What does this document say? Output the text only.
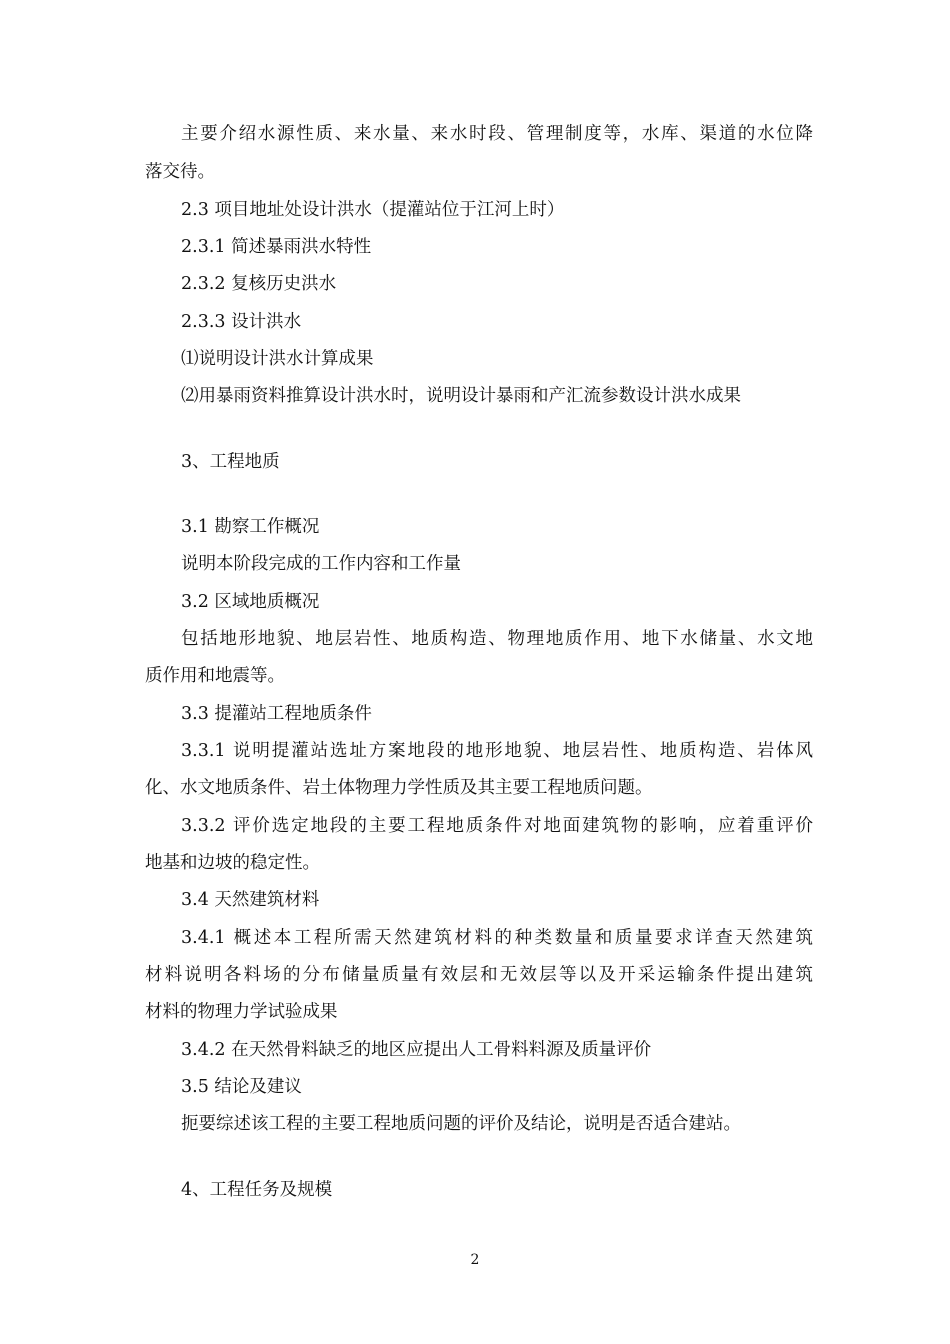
主要介绍水源性质、来水量、来水时段、管理制度等，水库、渠道的水位降
落交待。
2.3 项目地址处设计洪水（提灌站位于江河上时）
2.3.1 简述暴雨洪水特性
2.3.2 复核历史洪水
2.3.3 设计洪水
⑴说明设计洪水计算成果
⑵用暴雨资料推算设计洪水时，说明设计暴雨和产汇流参数设计洪水成果
3、工程地质
3.1 勘察工作概况
说明本阶段完成的工作内容和工作量
3.2 区域地质概况
包括地形地貌、地层岩性、地质构造、物理地质作用、地下水储量、水文地
质作用和地震等。
3.3 提灌站工程地质条件
3.3.1 说明提灌站选址方案地段的地形地貌、地层岩性、地质构造、岩体风
化、水文地质条件、岩土体物理力学性质及其主要工程地质问题。
3.3.2 评价选定地段的主要工程地质条件对地面建筑物的影响，应着重评价
地基和边坡的稳定性。
3.4 天然建筑材料
3.4.1 概述本工程所需天然建筑材料的种类数量和质量要求详查天然建筑
材料说明各料场的分布储量质量有效层和无效层等以及开采运输条件提出建筑
材料的物理力学试验成果
3.4.2 在天然骨料缺乏的地区应提出人工骨料料源及质量评价
3.5 结论及建议
扼要综述该工程的主要工程地质问题的评价及结论，说明是否适合建站。
4、工程任务及规模
2
